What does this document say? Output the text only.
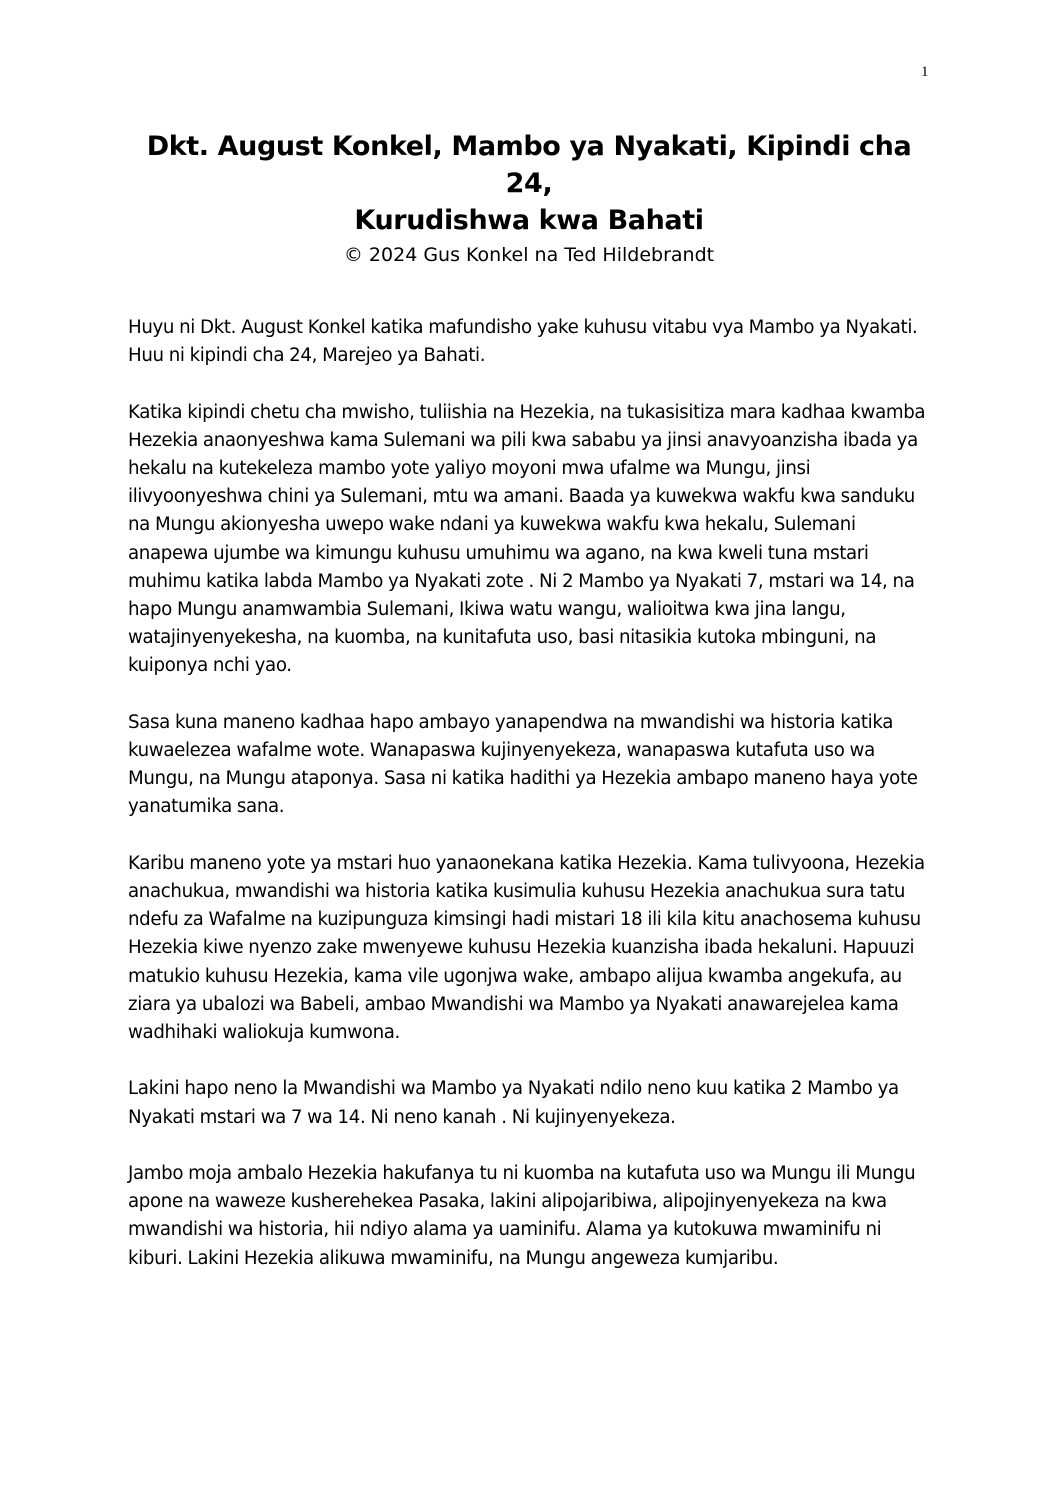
1
Dkt. August Konkel, Mambo ya Nyakati, Kipindi cha
24,
Kurudishwa kwa Bahati
© 2024 Gus Konkel na Ted Hildebrandt

Huyu ni Dkt. August Konkel katika mafundisho yake kuhusu vitabu vya Mambo ya Nyakati. Huu ni kipindi cha 24, Marejeo ya Bahati.

Katika kipindi chetu cha mwisho, tuliishia na Hezekia, na tukasisitiza mara kadhaa kwamba Hezekia anaonyeshwa kama Sulemani wa pili kwa sababu ya jinsi anavyoanzisha ibada ya hekalu na kutekeleza mambo yote yaliyo moyoni mwa ufalme wa Mungu, jinsi ilivyoonyeshwa chini ya Sulemani, mtu wa amani. Baada ya kuwekwa wakfu kwa sanduku na Mungu akionyesha uwepo wake ndani ya kuwekwa wakfu kwa hekalu, Sulemani anapewa ujumbe wa kimungu kuhusu umuhimu wa agano, na kwa kweli tuna mstari muhimu katika labda Mambo ya Nyakati zote . Ni 2 Mambo ya Nyakati 7, mstari wa 14, na hapo Mungu anamwambia Sulemani, Ikiwa watu wangu, walioitwa kwa jina langu, watajinyenyekesha, na kuomba, na kunitafuta uso, basi nitasikia kutoka mbinguni, na kuiponya nchi yao.

Sasa kuna maneno kadhaa hapo ambayo yanapendwa na mwandishi wa historia katika kuwaelezea wafalme wote. Wanapaswa kujinyenyekeza, wanapaswa kutafuta uso wa Mungu, na Mungu ataponya. Sasa ni katika hadithi ya Hezekia ambapo maneno haya yote yanatumika sana.

Karibu maneno yote ya mstari huo yanaonekana katika Hezekia. Kama tulivyoona, Hezekia anachukua, mwandishi wa historia katika kusimulia kuhusu Hezekia anachukua sura tatu ndefu za Wafalme na kuzipunguza kimsingi hadi mistari 18 ili kila kitu anachosema kuhusu Hezekia kiwe nyenzo zake mwenyewe kuhusu Hezekia kuanzisha ibada hekaluni. Hapuuzi matukio kuhusu Hezekia, kama vile ugonjwa wake, ambapo alijua kwamba angekufa, au ziara ya ubalozi wa Babeli, ambao Mwandishi wa Mambo ya Nyakati anawarejelea kama wadhihaki waliokuja kumwona.

Lakini hapo neno la Mwandishi wa Mambo ya Nyakati ndilo neno kuu katika 2 Mambo ya Nyakati mstari wa 7 wa 14. Ni neno kanah . Ni kujinyenyekeza.

Jambo moja ambalo Hezekia hakufanya tu ni kuomba na kutafuta uso wa Mungu ili Mungu apone na waweze kusherehekea Pasaka, lakini alipojaribiwa, alipojinyenyekeza na kwa mwandishi wa historia, hii ndiyo alama ya uaminifu. Alama ya kutokuwa mwaminifu ni kiburi. Lakini Hezekia alikuwa mwaminifu, na Mungu angeweza kumjaribu.
